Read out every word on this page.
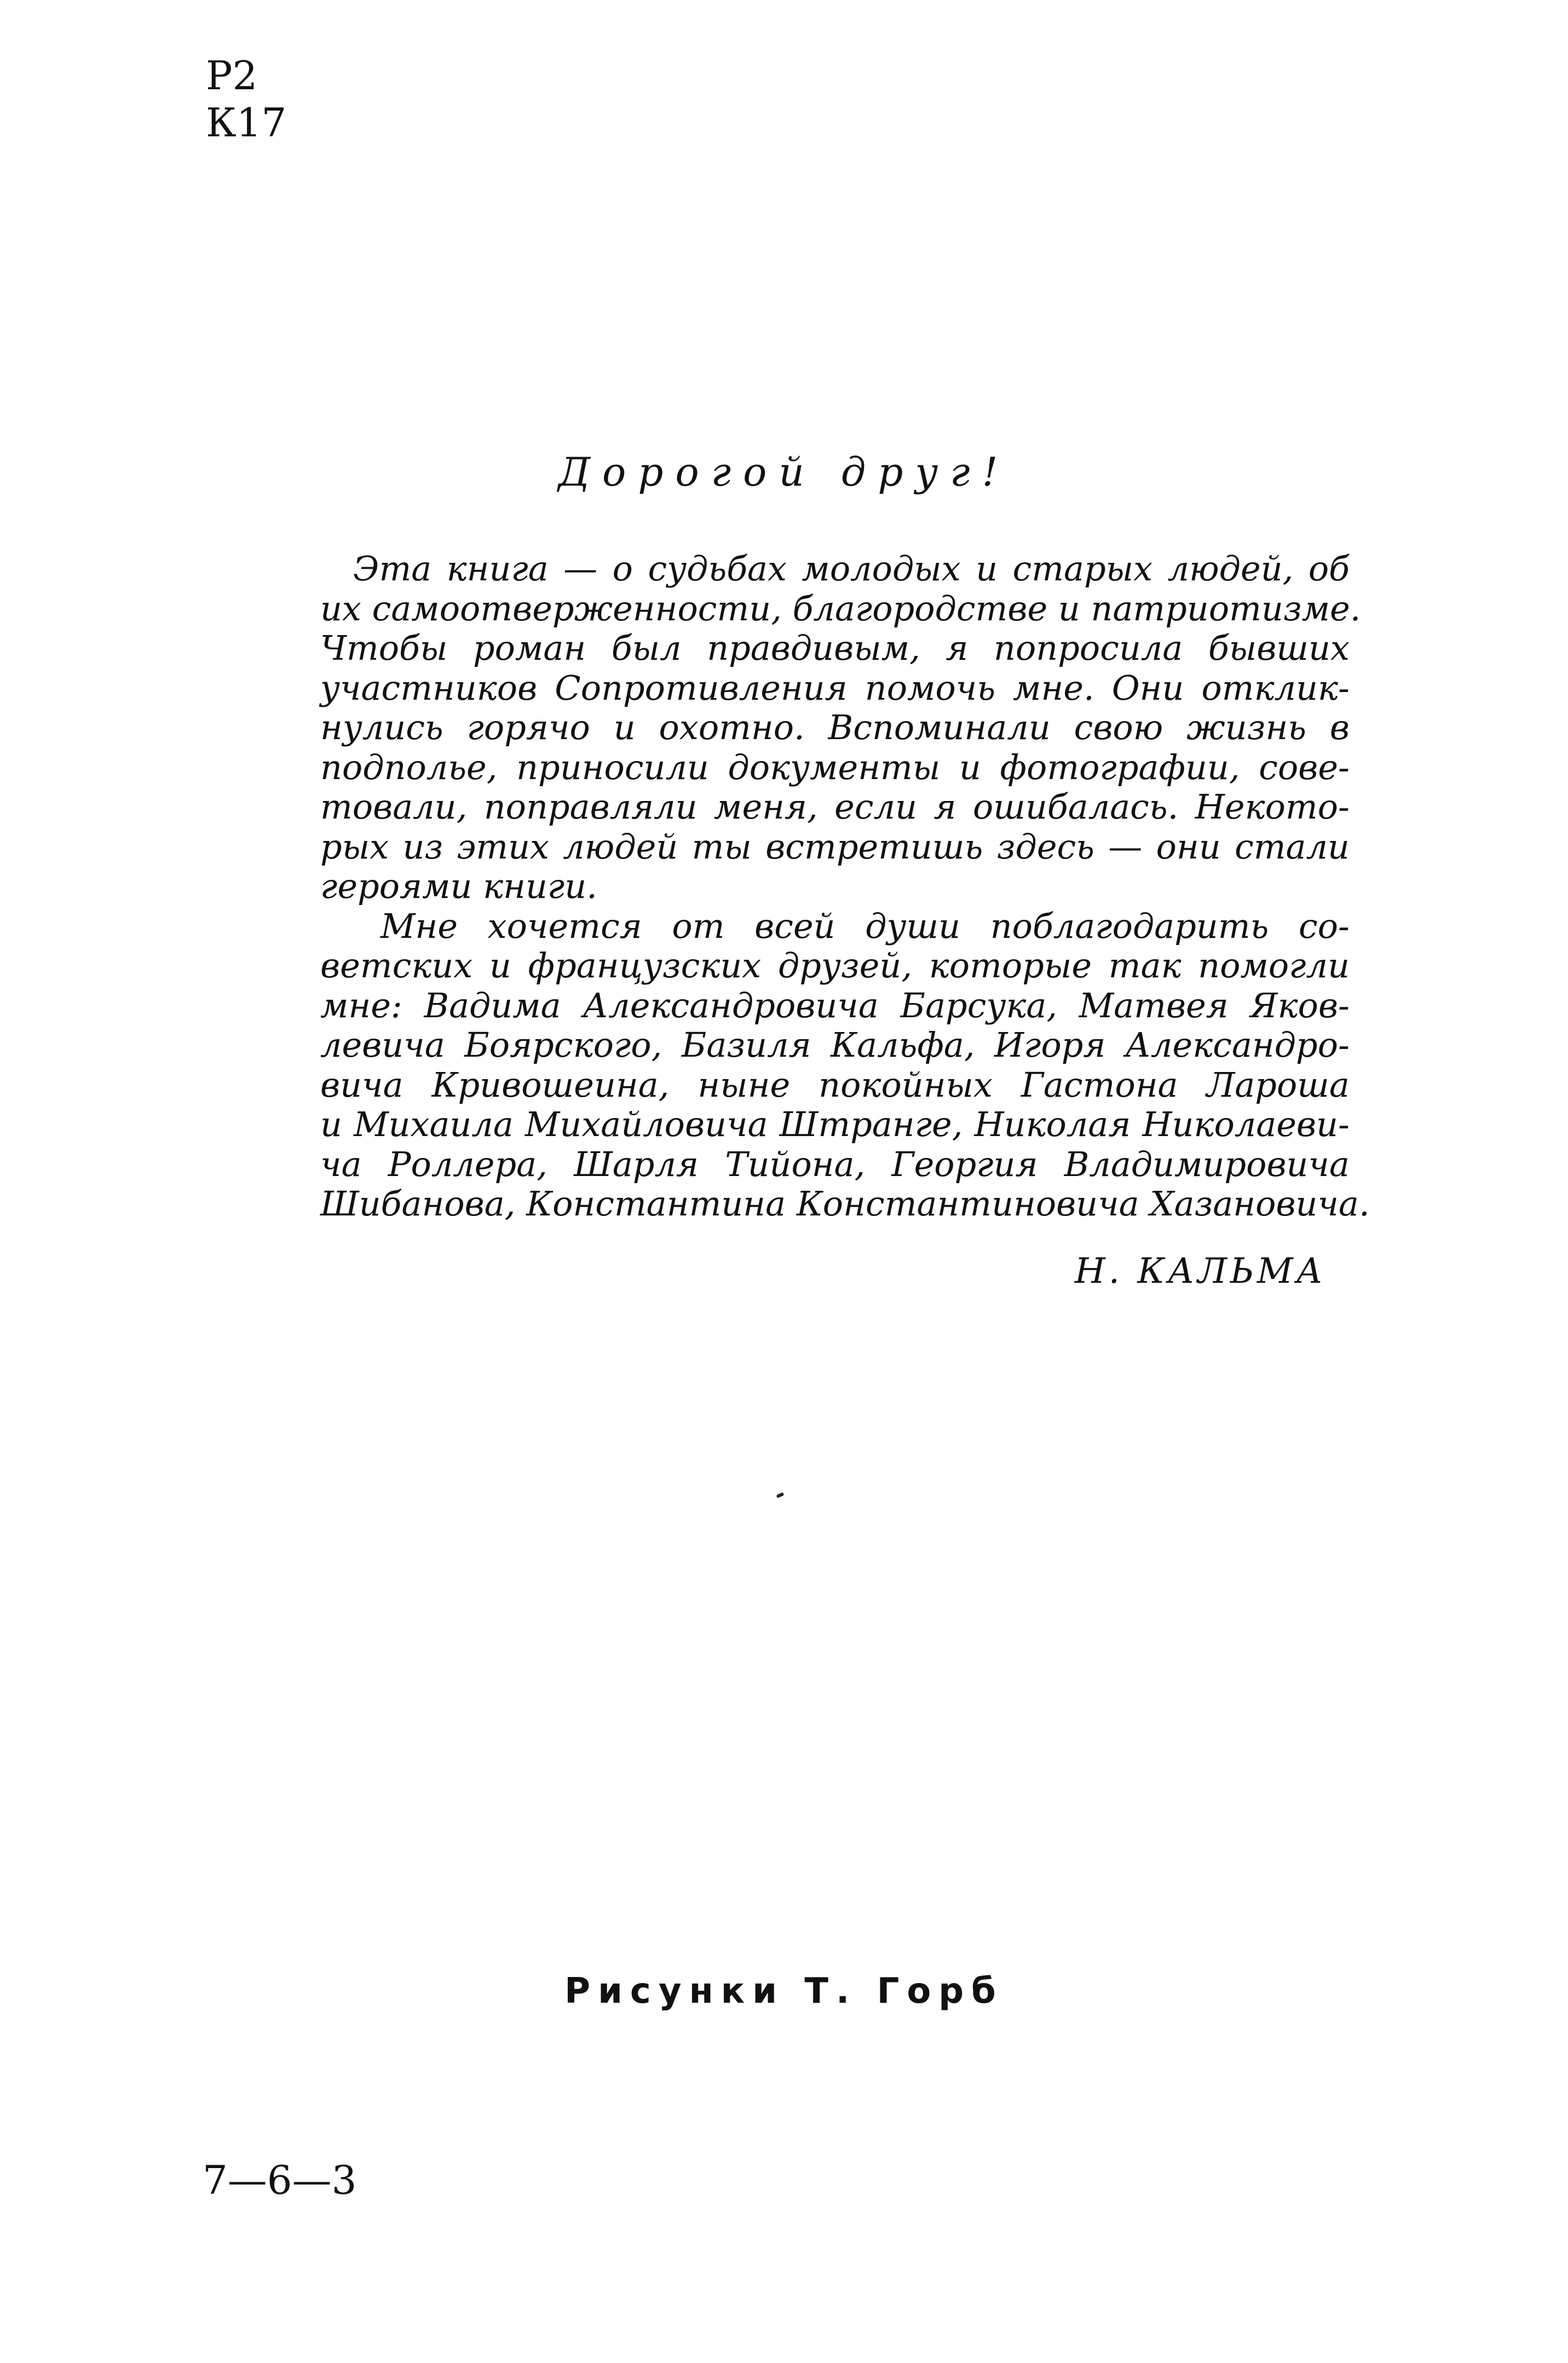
Р2
К17
Дорогой друг!
Эта книга — о судьбах молодых и старых людей, об
их самоотверженности, благородстве и патриотизме.
Чтобы роман был правдивым, я попросила бывших
участников Сопротивления помочь мне. Они отклик-
нулись горячо и охотно. Вспоминали свою жизнь в
подполье, приносили документы и фотографии, сове-
товали, поправляли меня, если я ошибалась. Некото-
рых из этих людей ты встретишь здесь — они стали
героями книги.
Мне хочется от всей души поблагодарить со-
ветских и французских друзей, которые так помогли
мне: Вадима Александровича Барсука, Матвея Яков-
левича Боярского, Базиля Кальфа, Игоря Александро-
вича Кривошеина, ныне покойных Гастона Лароша
и Михаила Михайловича Штранге, Николая Николаеви-
ча Роллера, Шарля Тийона, Георгия Владимировича
Шибанова, Константина Константиновича Хазановича.
Н. КАЛЬМА
Рисунки Т. Горб
7—6—3
